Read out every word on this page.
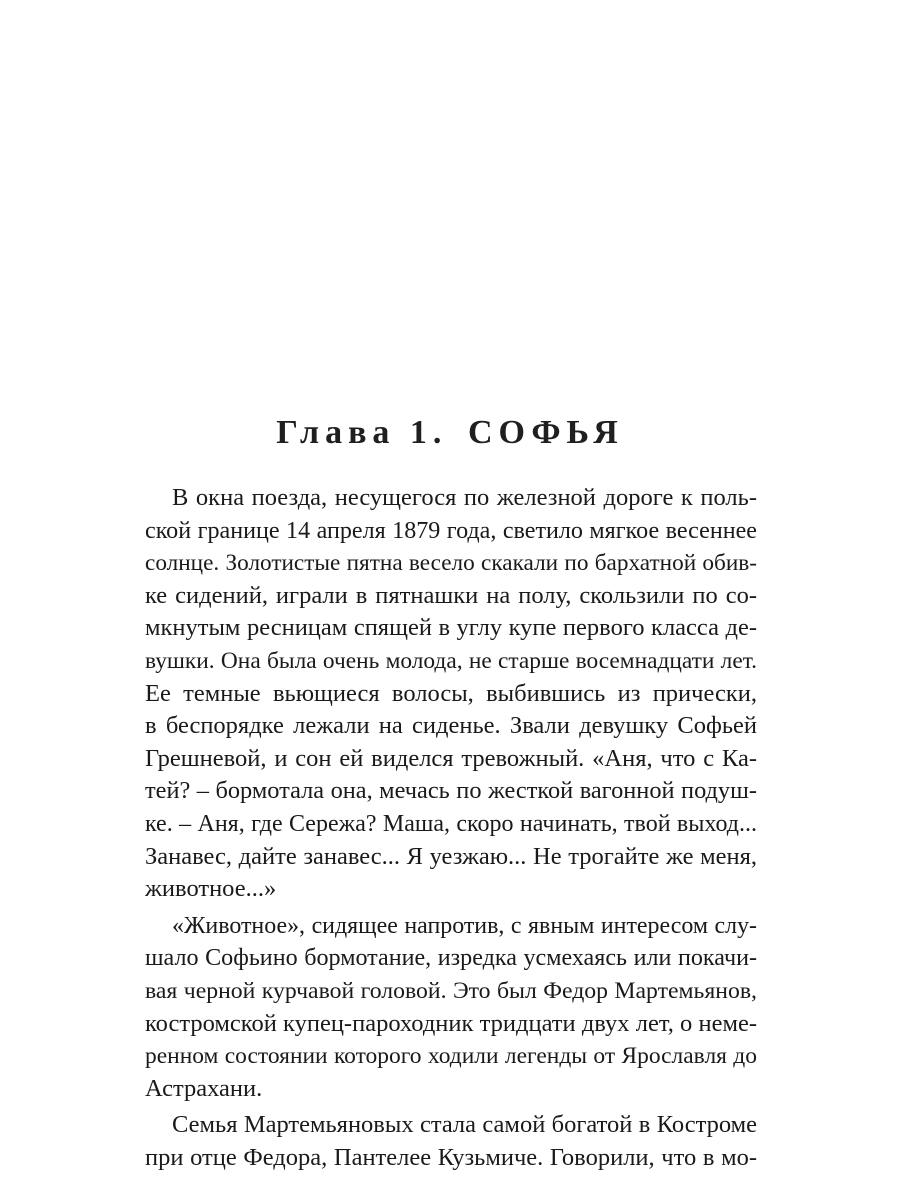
Глава 1. СОФЬЯ
В окна поезда, несущегося по железной дороге к поль-
ской границе 14 апреля 1879 года, светило мягкое весеннее
солнце. Золотистые пятна весело скакали по бархатной обив-
ке сидений, играли в пятнашки на полу, скользили по со-
мкнутым ресницам спящей в углу купе первого класса де-
вушки. Она была очень молода, не старше восемнадцати лет.
Ее темные вьющиеся волосы, выбившись из прически,
в беспорядке лежали на сиденье. Звали девушку Софьей
Грешневой, и сон ей виделся тревожный. «Аня, что с Ка-
тей? – бормотала она, мечась по жесткой вагонной подуш-
ке. – Аня, где Сережа? Маша, скоро начинать, твой выход...
Занавес, дайте занавес... Я уезжаю... Не трогайте же меня,
животное...»
«Животное», сидящее напротив, с явным интересом слу-
шало Софьино бормотание, изредка усмехаясь или покачи-
вая черной курчавой головой. Это был Федор Мартемьянов,
костромской купец-пароходник тридцати двух лет, о неме-
ренном состоянии которого ходили легенды от Ярославля до
Астрахани.
Семья Мартемьяновых стала самой богатой в Костроме
при отце Федора, Пантелее Кузьмиче. Говорили, что в мо-
